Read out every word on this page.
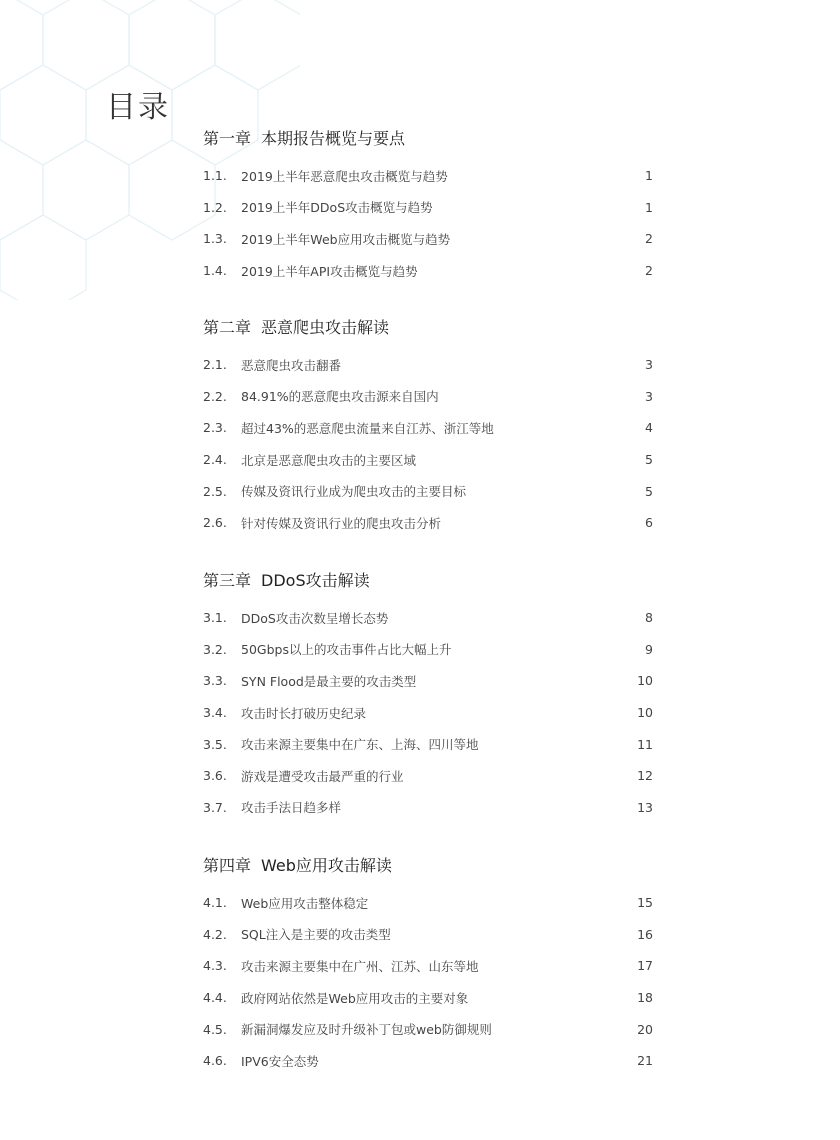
目录
第一章 本期报告概览与要点
1.1.	2019上半年恶意爬虫攻击概览与趋势	1
1.2.	2019上半年DDoS攻击概览与趋势	1
1.3.	2019上半年Web应用攻击概览与趋势	2
1.4.	2019上半年API攻击概览与趋势	2
第二章 恶意爬虫攻击解读
2.1.	恶意爬虫攻击翻番	3
2.2.	84.91%的恶意爬虫攻击源来自国内	3
2.3.	超过43%的恶意爬虫流量来自江苏、浙江等地	4
2.4.	北京是恶意爬虫攻击的主要区域	5
2.5.	传媒及资讯行业成为爬虫攻击的主要目标	5
2.6.	针对传媒及资讯行业的爬虫攻击分析	6
第三章 DDoS攻击解读
3.1.	DDoS攻击次数呈增长态势	8
3.2.	50Gbps以上的攻击事件占比大幅上升	9
3.3.	SYN Flood是最主要的攻击类型	10
3.4.	攻击时长打破历史纪录	10
3.5.	攻击来源主要集中在广东、上海、四川等地	11
3.6.	游戏是遭受攻击最严重的行业	12
3.7.	攻击手法日趋多样	13
第四章 Web应用攻击解读
4.1.	Web应用攻击整体稳定	15
4.2.	SQL注入是主要的攻击类型	16
4.3.	攻击来源主要集中在广州、江苏、山东等地	17
4.4.	政府网站依然是Web应用攻击的主要对象	18
4.5.	新漏洞爆发应及时升级补丁包或web防御规则	20
4.6.	IPV6安全态势	21
